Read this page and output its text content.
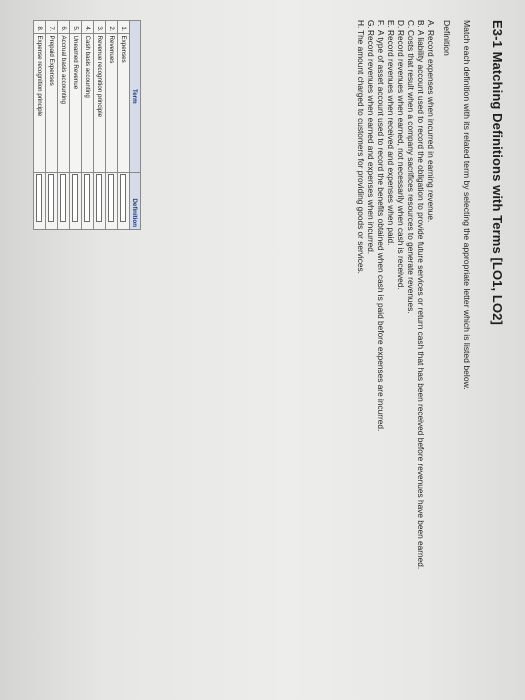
E3-1 Matching Definitions with Terms [LO1, LO2]

Match each definition with its related term by selecting the appropriate letter which is listed below.

Definition

A.Record expenses when incurred in earning revenue.
B.A liability account used to record the obligation to provide future services or return cash that has been received before revenues have been earned.
C.Costs that result when a company sacrifices resources to generate revenues.
D.Record revenues when earned, not necessarily when cash is received.
E.Record revenues when received and expenses when paid.
F.A type of asset account used to record the benefits obtained when cash is paid before expenses are incurred.
G.Record revenues when earned and expenses when incurred.
H.The amount charged to customers for providing goods or services.
Term		Definition
1.	Expenses	

2.	Revenues	

3.	Revenue recognition principle	

4.	Cash basis accounting	

5.	Unearned Revenue	

6.	Accrual basis accounting	

7.	Prepaid Expenses	

8.	Expense recognition principle	
